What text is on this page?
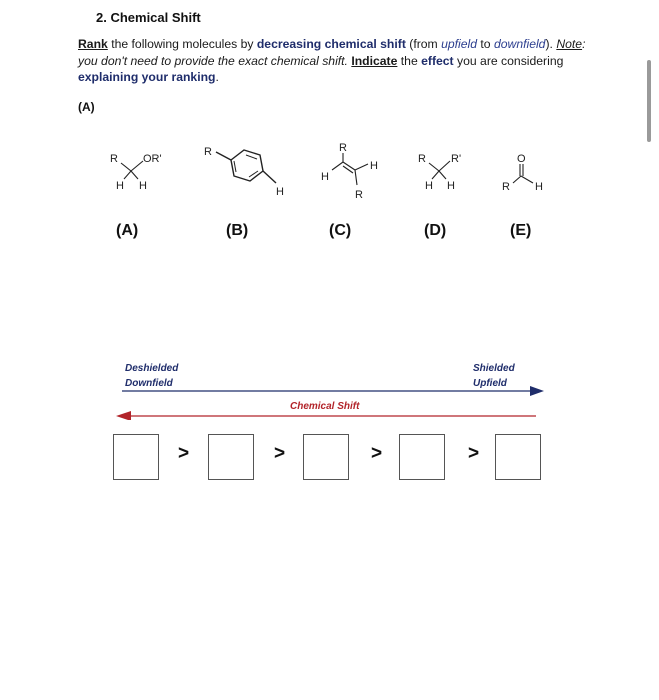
2. Chemical Shift
Rank the following molecules by decreasing chemical shift (from upfield to downfield). Note: you don't need to provide the exact chemical shift. Indicate the effect you are considering explaining your ranking.
(A)
R OR'
H H
R
H
R
H
H
R
R R'
H H
O
R H
(A)	(B)	(C)	(D)	(E)
Deshielded
Downfield
Shielded
Upfield
Chemical Shift
>	>	>	>
